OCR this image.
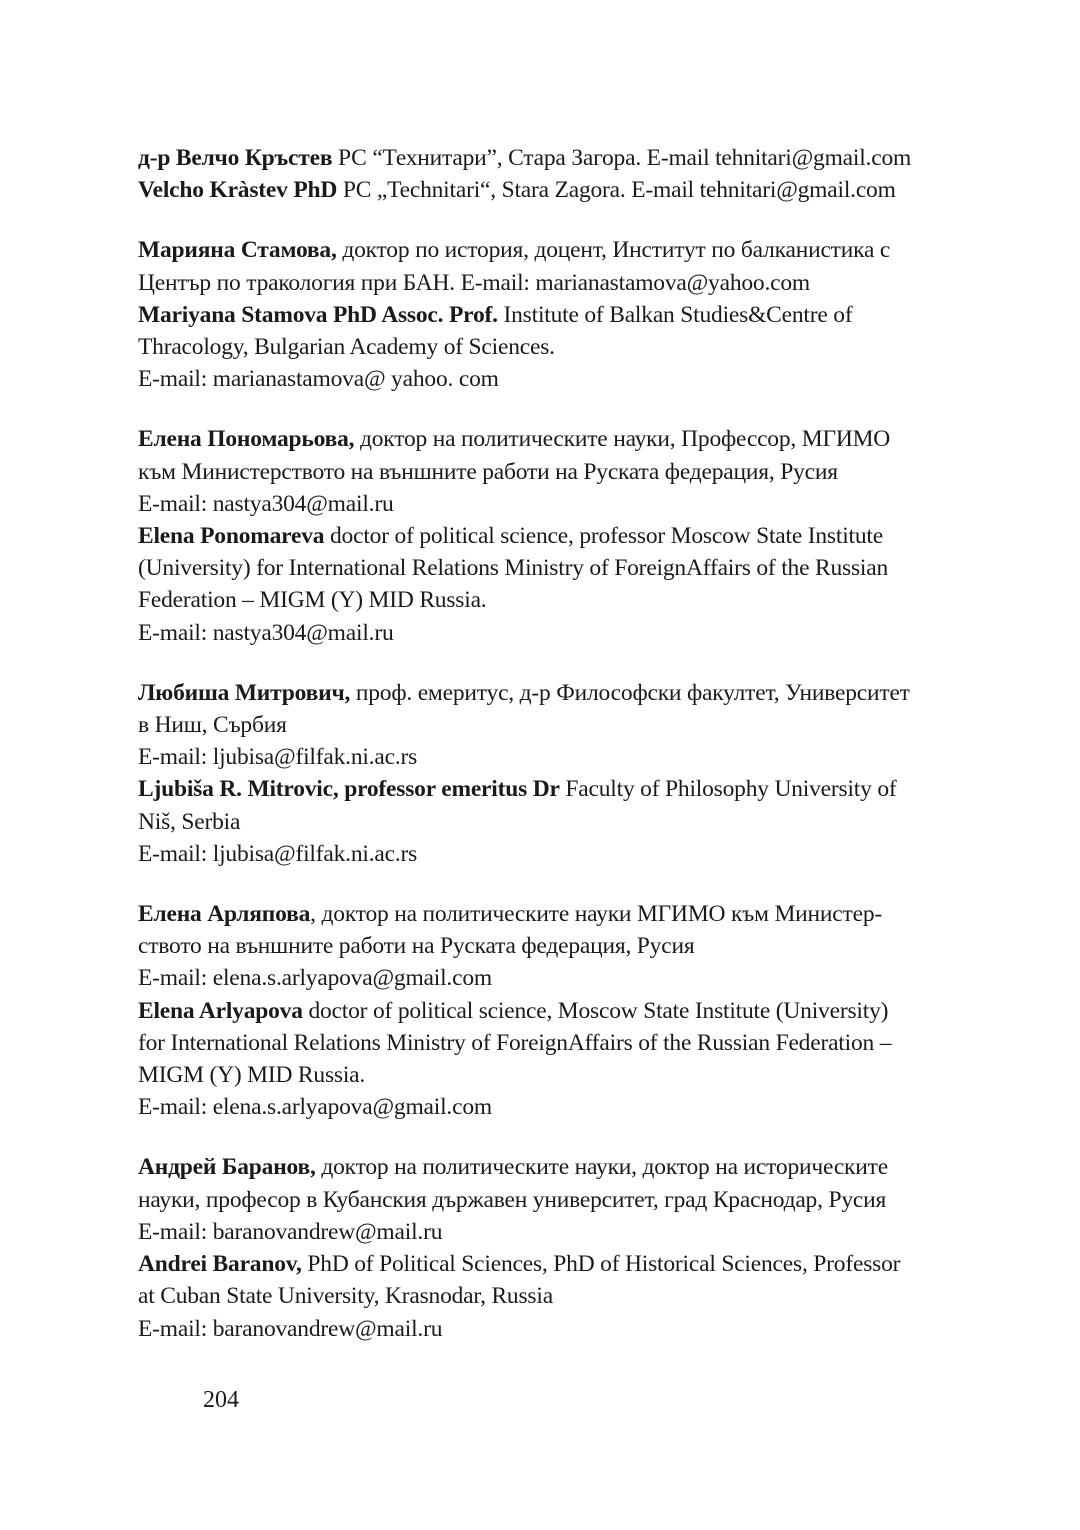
д-р Велчо Кръстев РС “Технитари”, Стара Загора. E-mail tehnitari@gmail.com
Velcho Kràstev PhD PC „Technitari“, Stara Zagora. E-mail tehnitari@gmail.com
Марияна Стамова, доктор по история, доцент, Институт по балканистика с
Център по тракология при БАН. E-mail: marianastamova@yahoo.com
Mariyana Stamova PhD Assoc. Prof. Institute of Balkan Studies&Centre of
Thracology, Bulgarian Academy of Sciences.
E-mail: marianastamova@ yahoo. com
Елена Пономарьова, доктор на политическите науки, Профессор, МГИМО
към Министерството на външните работи на Руската федерация, Русия
E-mail: nastya304@mail.ru
Elena Ponomareva doctor of political science, professor Moscow State Institute
(University) for International Relations Ministry of ForeignAffairs of the Russian
Federation – MIGM (Y) MID Russia.
E-mail: nastya304@mail.ru
Любиша Митрович, проф. емеритус, д-р Философски факултет, Университет
в Ниш, Сърбия
E-mail: ljubisa@filfak.ni.ac.rs
Ljubiša R. Mitrovic, professor emeritus Dr Faculty of Philosophy University of
Niš, Serbia
E-mail: ljubisa@filfak.ni.ac.rs
Елена Арляпова, доктор на политическите науки МГИМО към Министер-
ството на външните работи на Руската федерация, Русия
E-mail: elena.s.arlyapova@gmail.com
Elena Arlyapova doctor of political science, Moscow State Institute (University)
for International Relations Ministry of ForeignAffairs of the Russian Federation –
MIGM (Y) MID Russia.
E-mail: elena.s.arlyapova@gmail.com
Андрей Баранов, доктор на политическите науки, доктор на историческите
науки, професор в Кубанския държавен университет, град Краснодар, Русия
E-mail: baranovandrew@mail.ru
Andrei Baranov, PhD of Political Sciences, PhD of Historical Sciences, Professor
at Cuban State University, Krasnodar, Russia
E-mail: baranovandrew@mail.ru
204
